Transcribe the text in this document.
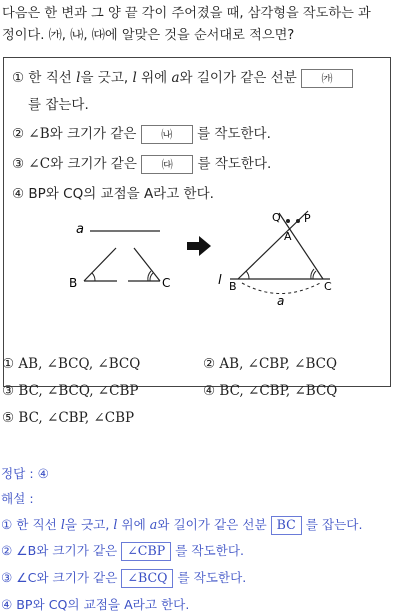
다음은 한 변과 그 양 끝 각이 주어졌을 때, 삼각형을 작도하는 과
정이다. ㈎, ㈏, ㈐에 알맞은 것을 순서대로 적으면?
① 한 직선 l을 긋고, l 위에 a와 길이가 같은 선분 ㈎
를 잡는다.
② ∠B와 크기가 같은 ㈏ 를 작도한다.
③ ∠C와 크기가 같은 ㈐ 를 작도한다.
④ BP와 CQ의 교점을 A라고 한다.
a
B	C	l
Q P
A
B	C
a
① AB, ∠BCQ, ∠BCQ	② AB, ∠CBP, ∠BCQ
③ BC, ∠BCQ, ∠CBP	④ BC, ∠CBP, ∠BCQ
⑤ BC, ∠CBP, ∠CBP
정답 : ④
해설 :
① 한 직선 l을 긋고, l 위에 a와 길이가 같은 선분 BC 를 잡는다.
② ∠B와 크기가 같은 ∠CBP 를 작도한다.
③ ∠C와 크기가 같은 ∠BCQ 를 작도한다.
④ BP와 CQ의 교점을 A라고 한다.
